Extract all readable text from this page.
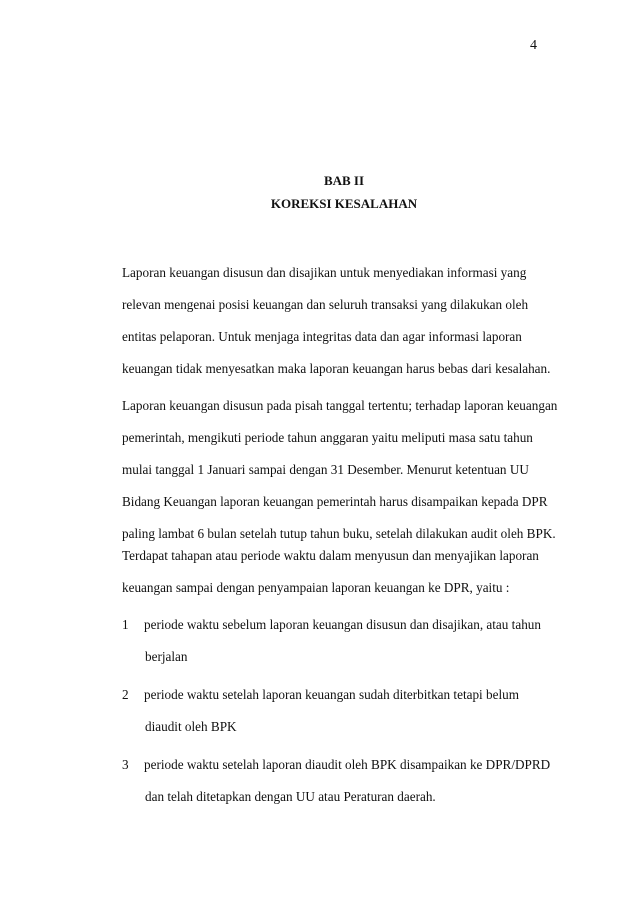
4
BAB II
KOREKSI KESALAHAN
Laporan keuangan disusun dan disajikan untuk menyediakan informasi yang
relevan mengenai posisi keuangan dan seluruh transaksi yang dilakukan oleh
entitas pelaporan. Untuk menjaga integritas data dan agar informasi laporan
keuangan tidak menyesatkan maka laporan keuangan harus bebas dari kesalahan.
Laporan keuangan disusun pada pisah tanggal tertentu; terhadap laporan keuangan
pemerintah, mengikuti periode tahun anggaran yaitu meliputi masa satu tahun
mulai tanggal 1 Januari sampai dengan 31 Desember. Menurut ketentuan UU
Bidang Keuangan laporan keuangan pemerintah harus disampaikan kepada DPR
paling lambat 6 bulan setelah tutup tahun buku, setelah dilakukan audit oleh BPK.
Terdapat tahapan atau periode waktu dalam menyusun dan menyajikan laporan
keuangan sampai dengan penyampaian laporan keuangan ke DPR, yaitu :
1 periode waktu sebelum laporan keuangan disusun dan disajikan, atau tahun
berjalan
2 periode waktu setelah laporan keuangan sudah diterbitkan tetapi belum
diaudit oleh BPK
3 periode waktu setelah laporan diaudit oleh BPK disampaikan ke DPR/DPRD
dan telah ditetapkan dengan UU atau Peraturan daerah.
